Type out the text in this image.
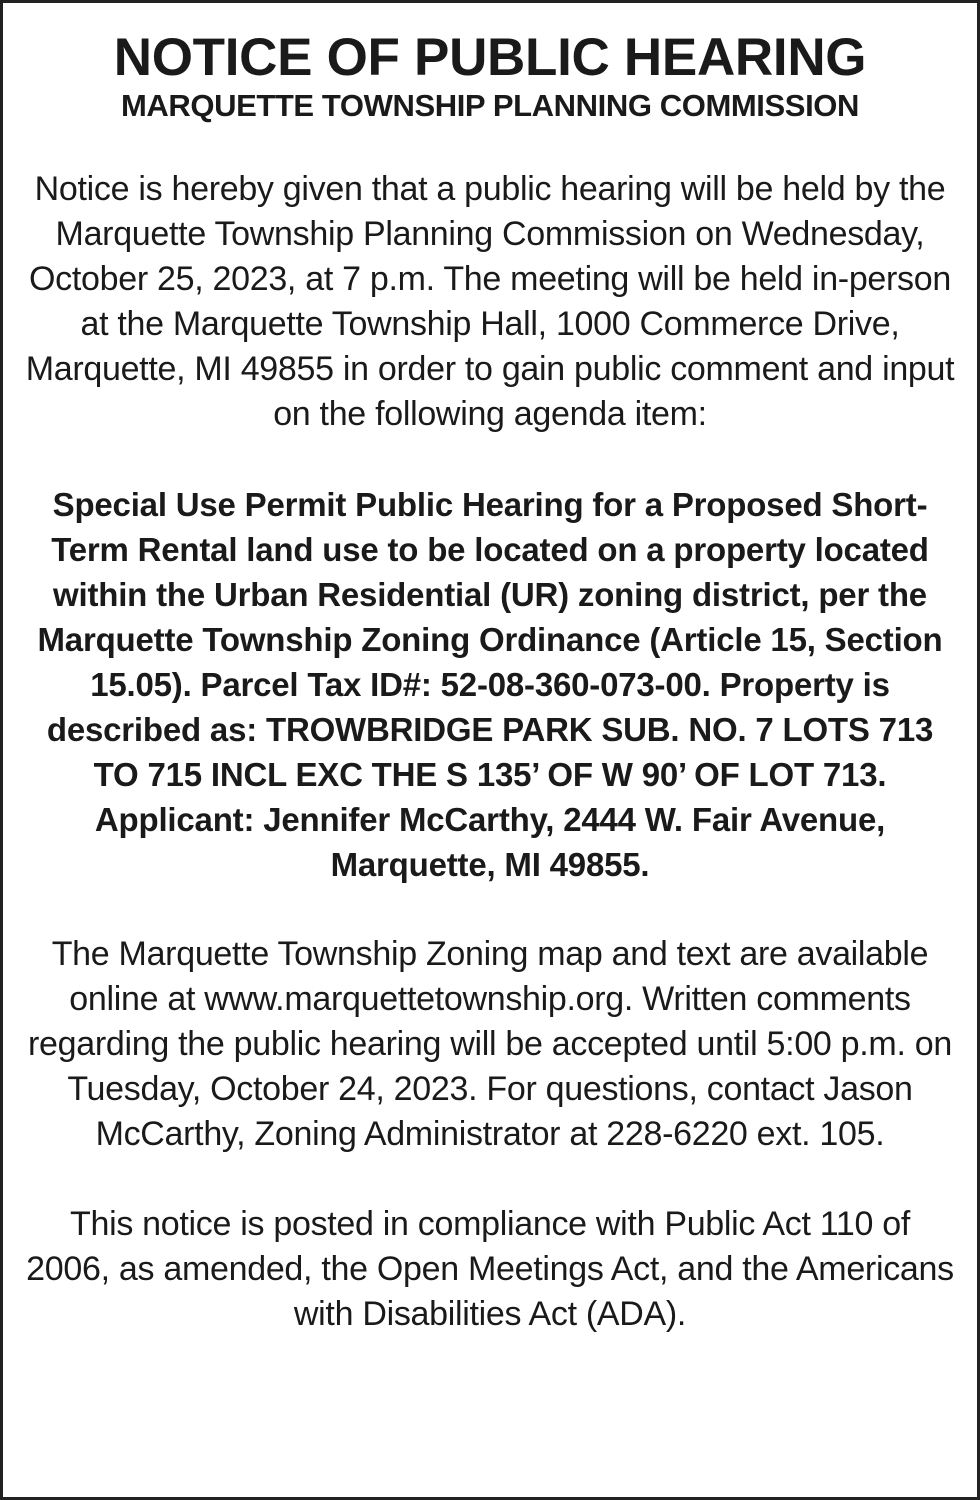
NOTICE OF PUBLIC HEARING
MARQUETTE TOWNSHIP PLANNING COMMISSION

Notice is hereby given that a public hearing will be held by the Marquette Township Planning Commission on Wednesday, October 25, 2023, at 7 p.m. The meeting will be held in-person at the Marquette Township Hall, 1000 Commerce Drive, Marquette, MI 49855 in order to gain public comment and input on the following agenda item:

Special Use Permit Public Hearing for a Proposed Short-Term Rental land use to be located on a property located within the Urban Residential (UR) zoning district, per the Marquette Township Zoning Ordinance (Article 15, Section 15.05). Parcel Tax ID#: 52-08-360-073-00. Property is described as: TROWBRIDGE PARK SUB. NO. 7 LOTS 713 TO 715 INCL EXC THE S 135’ OF W 90’ OF LOT 713. Applicant: Jennifer McCarthy, 2444 W. Fair Avenue, Marquette, MI 49855.

The Marquette Township Zoning map and text are available online at www.marquettetownship.org. Written comments regarding the public hearing will be accepted until 5:00 p.m. on Tuesday, October 24, 2023. For questions, contact Jason McCarthy, Zoning Administrator at 228-6220 ext. 105.

This notice is posted in compliance with Public Act 110 of 2006, as amended, the Open Meetings Act, and the Americans with Disabilities Act (ADA).
